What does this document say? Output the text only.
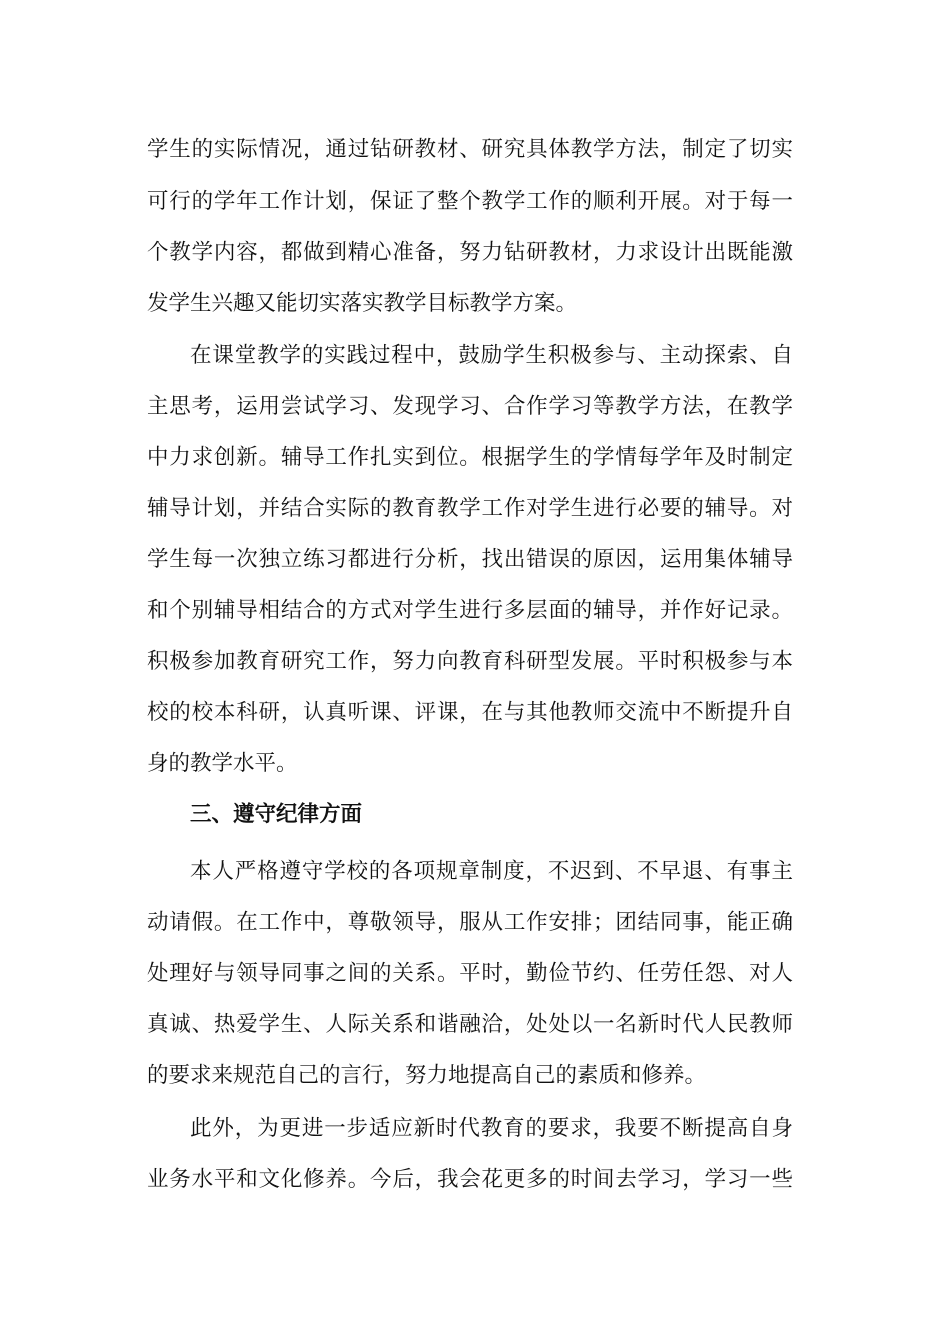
学生的实际情况，通过钻研教材、研究具体教学方法，制定了切实
可行的学年工作计划，保证了整个教学工作的顺利开展。对于每一
个教学内容，都做到精心准备，努力钻研教材，力求设计出既能激
发学生兴趣又能切实落实教学目标教学方案。
在课堂教学的实践过程中，鼓励学生积极参与、主动探索、自
主思考，运用尝试学习、发现学习、合作学习等教学方法，在教学
中力求创新。辅导工作扎实到位。根据学生的学情每学年及时制定
辅导计划，并结合实际的教育教学工作对学生进行必要的辅导。对
学生每一次独立练习都进行分析，找出错误的原因，运用集体辅导
和个别辅导相结合的方式对学生进行多层面的辅导，并作好记录。
积极参加教育研究工作，努力向教育科研型发展。平时积极参与本
校的校本科研，认真听课、评课，在与其他教师交流中不断提升自
身的教学水平。
三、遵守纪律方面
本人严格遵守学校的各项规章制度，不迟到、不早退、有事主
动请假。在工作中，尊敬领导，服从工作安排；团结同事，能正确
处理好与领导同事之间的关系。平时，勤俭节约、任劳任怨、对人
真诚、热爱学生、人际关系和谐融洽，处处以一名新时代人民教师
的要求来规范自己的言行，努力地提高自己的素质和修养。
此外，为更进一步适应新时代教育的要求，我要不断提高自身
业务水平和文化修养。今后，我会花更多的时间去学习，学习一些
